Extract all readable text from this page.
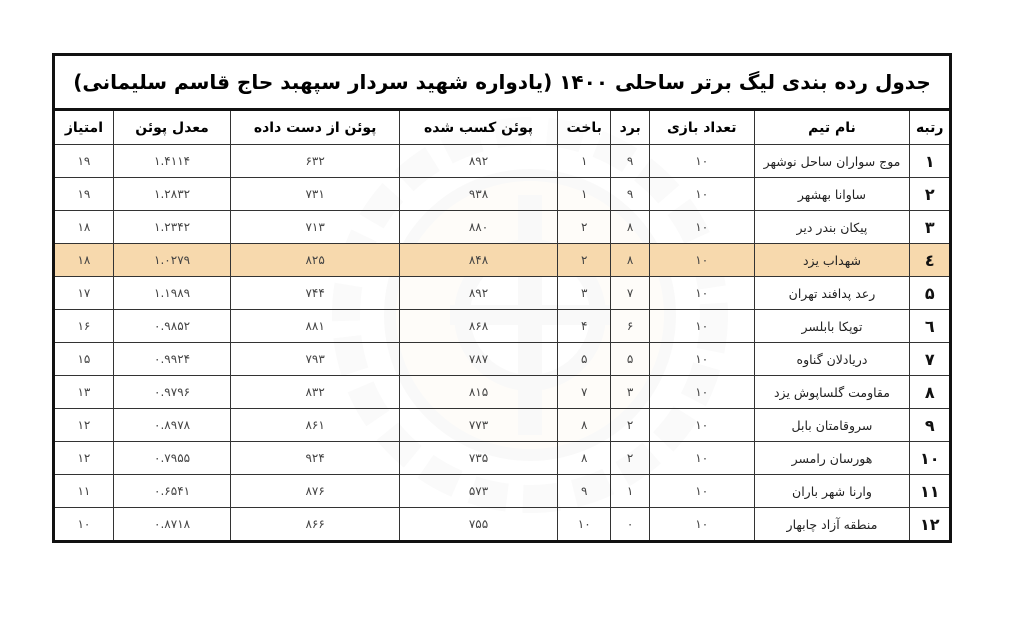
جدول رده بندی لیگ برتر ساحلی ۱۴۰۰ (یادواره شهید سردار سپهبد حاج قاسم سلیمانی)
رتبه	نام تیم	تعداد بازی	برد	باخت	پوئن کسب شده	پوئن از دست داده	معدل پوئن	امتیاز
۱	موج سواران ساحل نوشهر	۱۰	۹	۱	۸۹۲	۶۳۲	۱.۴۱۱۴	۱۹
۲	ساوانا بهشهر	۱۰	۹	۱	۹۳۸	۷۳۱	۱.۲۸۳۲	۱۹
۳	پیکان بندر دیر	۱۰	۸	۲	۸۸۰	۷۱۳	۱.۲۳۴۲	۱۸
٤	شهداب یزد	۱۰	۸	۲	۸۴۸	۸۲۵	۱.۰۲۷۹	۱۸
۵	رعد پدافند تهران	۱۰	۷	۳	۸۹۲	۷۴۴	۱.۱۹۸۹	۱۷
٦	توپکا بابلسر	۱۰	۶	۴	۸۶۸	۸۸۱	۰.۹۸۵۲	۱۶
۷	دریادلان گناوه	۱۰	۵	۵	۷۸۷	۷۹۳	۰.۹۹۲۴	۱۵
۸	مقاومت گلساپوش یزد	۱۰	۳	۷	۸۱۵	۸۳۲	۰.۹۷۹۶	۱۳
۹	سروقامتان بابل	۱۰	۲	۸	۷۷۳	۸۶۱	۰.۸۹۷۸	۱۲
۱۰	هورسان رامسر	۱۰	۲	۸	۷۳۵	۹۲۴	۰.۷۹۵۵	۱۲
۱۱	وارنا شهر باران	۱۰	۱	۹	۵۷۳	۸۷۶	۰.۶۵۴۱	۱۱
۱۲	منطقه آزاد چابهار	۱۰	۰	۱۰	۷۵۵	۸۶۶	۰.۸۷۱۸	۱۰
